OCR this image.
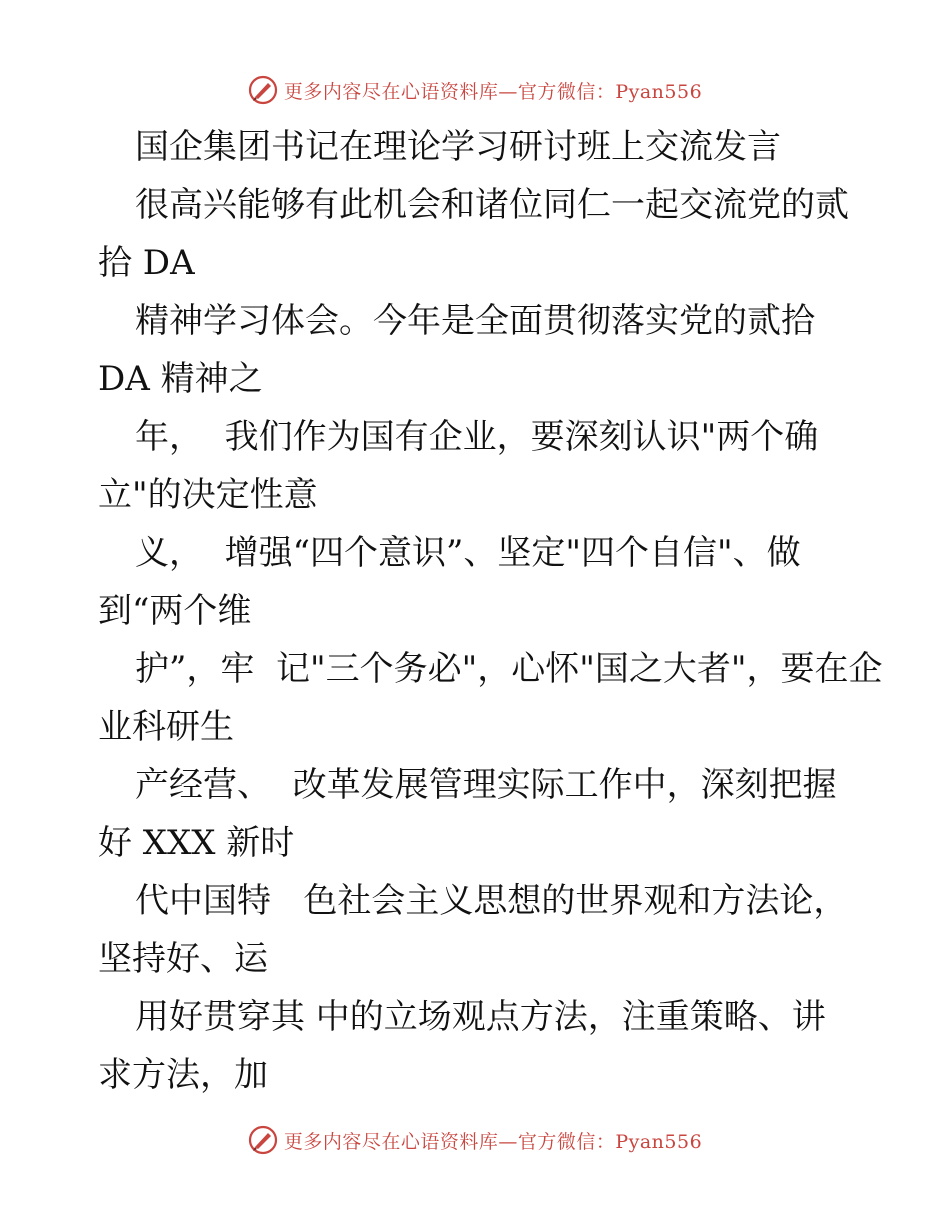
更多内容尽在心语资料库—官方微信：Pyan556
国企集团书记在理论学习研讨班上交流发言
很高兴能够有此机会和诸位同仁一起交流党的贰
拾 DA
精神学习体会。今年是全面贯彻落实党的贰拾
DA 精神之
年，  我们作为国有企业，要深刻认识"两个确
立"的决定性意
义，  增强“四个意识”、坚定"四个自信"、做
到“两个维
护”，牢  记"三个务必"，心怀"国之大者"，要在企
业科研生
产经营、  改革发展管理实际工作中，深刻把握
好 XXX 新时
代中国特   色社会主义思想的世界观和方法论，
坚持好、运
用好贯穿其 中的立场观点方法，注重策略、讲
求方法，加
更多内容尽在心语资料库—官方微信：Pyan556
